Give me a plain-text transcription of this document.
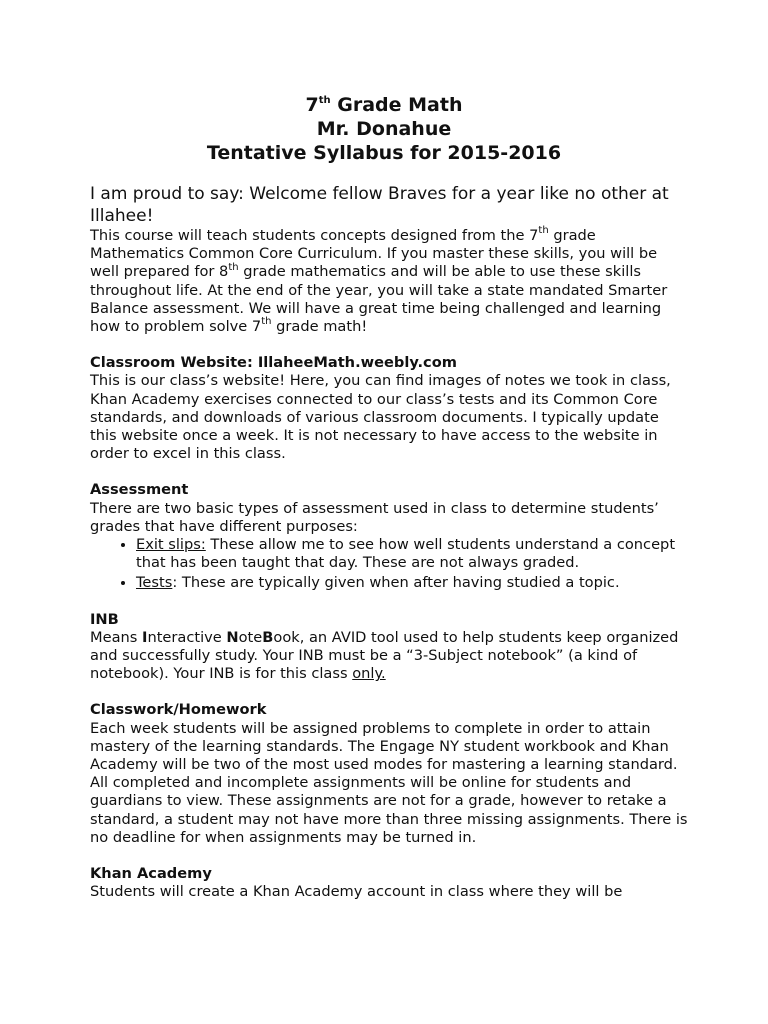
7th Grade Math

Mr. Donahue

Tentative Syllabus for 2015-2016

I am proud to say: Welcome fellow Braves for a year like no other at Illahee!

This course will teach students concepts designed from the 7th grade Mathematics Common Core Curriculum. If you master these skills, you will be well prepared for 8th grade mathematics and will be able to use these skills throughout life. At the end of the year, you will take a state mandated Smarter Balance assessment. We will have a great time being challenged and learning how to problem solve 7th grade math!

Classroom Website: IllaheeMath.weebly.com

This is our class’s website! Here, you can find images of notes we took in class, Khan Academy exercises connected to our class’s tests and its Common Core standards, and downloads of various classroom documents. I typically update this website once a week. It is not necessary to have access to the website in order to excel in this class.

Assessment

There are two basic types of assessment used in class to determine students’ grades that have different purposes:

• Exit slips: These allow me to see how well students understand a concept that has been taught that day. These are not always graded.
• Tests: These are typically given when after having studied a topic.

INB

Means Interactive NoteBook, an AVID tool used to help students keep organized and successfully study. Your INB must be a “3-Subject notebook” (a kind of notebook). Your INB is for this class only.

Classwork/Homework

Each week students will be assigned problems to complete in order to attain mastery of the learning standards. The Engage NY student workbook and Khan Academy will be two of the most used modes for mastering a learning standard. All completed and incomplete assignments will be online for students and guardians to view. These assignments are not for a grade, however to retake a standard, a student may not have more than three missing assignments. There is no deadline for when assignments may be turned in.

Khan Academy

Students will create a Khan Academy account in class where they will be
